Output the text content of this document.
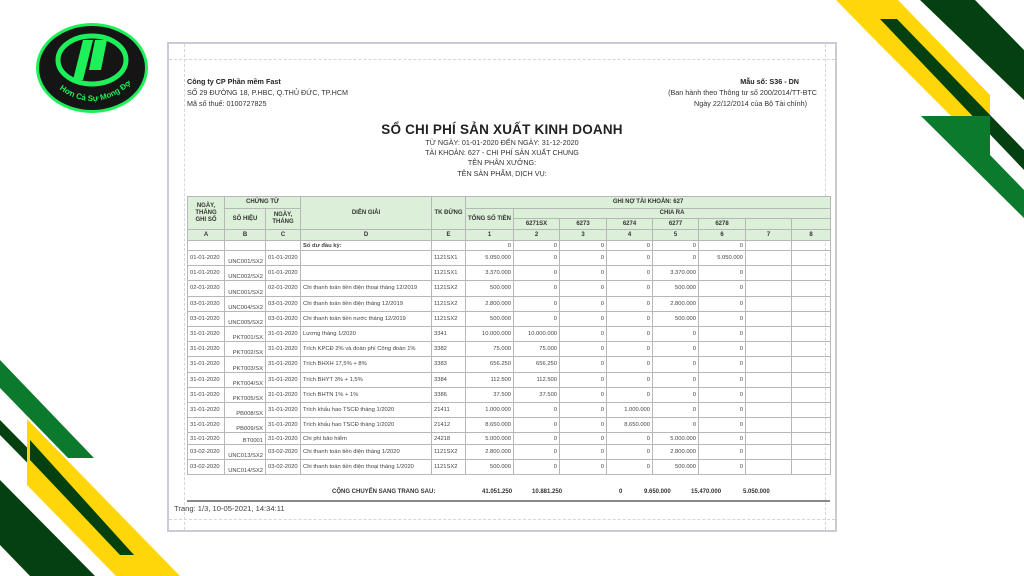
Hơn Cả Sự Mong Đợ	Công ty CP Phần mềm Fast
SỐ 29 ĐƯỜNG 18, P.HBC, Q.THỦ ĐỨC, TP.HCM
Mã số thuế: 0100727825
Mẫu số: S36 - DN
(Ban hành theo Thông tư số 200/2014/TT-BTC
Ngày 22/12/2014 của Bộ Tài chính)
SỔ CHI PHÍ SẢN XUẤT KINH DOANH
TỪ NGÀY: 01-01-2020 ĐẾN NGÀY: 31-12-2020
TÀI KHOẢN: 627 - CHI PHÍ SẢN XUẤT CHUNG
TÊN PHÂN XƯỞNG:
TÊN SẢN PHẨM, DỊCH VỤ:
NGÀY, THÁNG GHI SỔ	CHỨNG TỪ		DIỄN GIẢI	TK ĐỨNG	GHI NỢ TÀI KHOẢN: 627							
	SỐ HIỆU	NGÀY, THÁNG			TỔNG SỐ TIỀN	CHIA RA						
						6271SX	6273	6274	6277	6278		
A	B	C	D	E	1	2	3	4	5	6	7	8
			Số dư đầu kỳ:		0	0	0	0	0	0		
01-01-2020	UNC001/SX2	01-01-2020		1121SX1	5.050.000	0	0	0	0	5.050.000		
01-01-2020	UNC002/SX2	01-01-2020		1121SX1	3.370.000	0	0	0	3.370.000	0		
02-01-2020	UNC001/SX2	02-01-2020	Chi thanh toán tiền điện thoại tháng 12/2019	1121SX2	500.000	0	0	0	500.000	0		
03-01-2020	UNC004/SX2	03-01-2020	Chi thanh toán tiền điện tháng 12/2019	1121SX2	2.800.000	0	0	0	2.800.000	0		
03-01-2020	UNC005/SX2	03-01-2020	Chi thanh toán tiền nước tháng 12/2019	1121SX2	500.000	0	0	0	500.000	0		
31-01-2020	PKT001/SX	31-01-2020	Lương tháng 1/2020	3341	10.000.000	10.000.000	0	0	0	0		
31-01-2020	PKT002/SX	31-01-2020	Trích KPCĐ 2% và đoàn phí Công đoàn 1%	3382	75.000	75.000	0	0	0	0		
31-01-2020	PKT003/SX	31-01-2020	Trích BHXH 17,5% + 8%	3383	656.250	656.250	0	0	0	0		
31-01-2020	PKT004/SX	31-01-2020	Trích BHYT 3% + 1,5%	3384	112.500	112.500	0	0	0	0		
31-01-2020	PKT005/SX	31-01-2020	Trích BHTN 1% + 1%	3386	37.500	37.500	0	0	0	0		
31-01-2020	PB008/SX	31-01-2020	Trích khấu hao TSCĐ tháng 1/2020	21411	1.000.000	0	0	1.000.000	0	0		
31-01-2020	PB009/SX	31-01-2020	Trích khấu hao TSCĐ tháng 1/2020	21412	8.650.000	0	0	8.650.000	0	0		
31-01-2020	BT0001	31-01-2020	Chi phí bảo hiểm	24218	5.000.000	0	0	0	5.000.000	0		
03-02-2020	UNC013/SX2	03-02-2020	Chi thanh toán tiền điện tháng 1/2020	1121SX2	2.800.000	0	0	0	2.800.000	0		
03-02-2020	UNC014/SX2	03-02-2020	Chi thanh toán tiền điện thoại tháng 1/2020	1121SX2	500.000	0	0	0	500.000	0		
CỘNG CHUYỂN SANG TRANG SAU:	41.051.250	10.881.250	0	9.650.000	15.470.000	5.050.000
Trang: 1/3, 10-05-2021, 14:34:11
